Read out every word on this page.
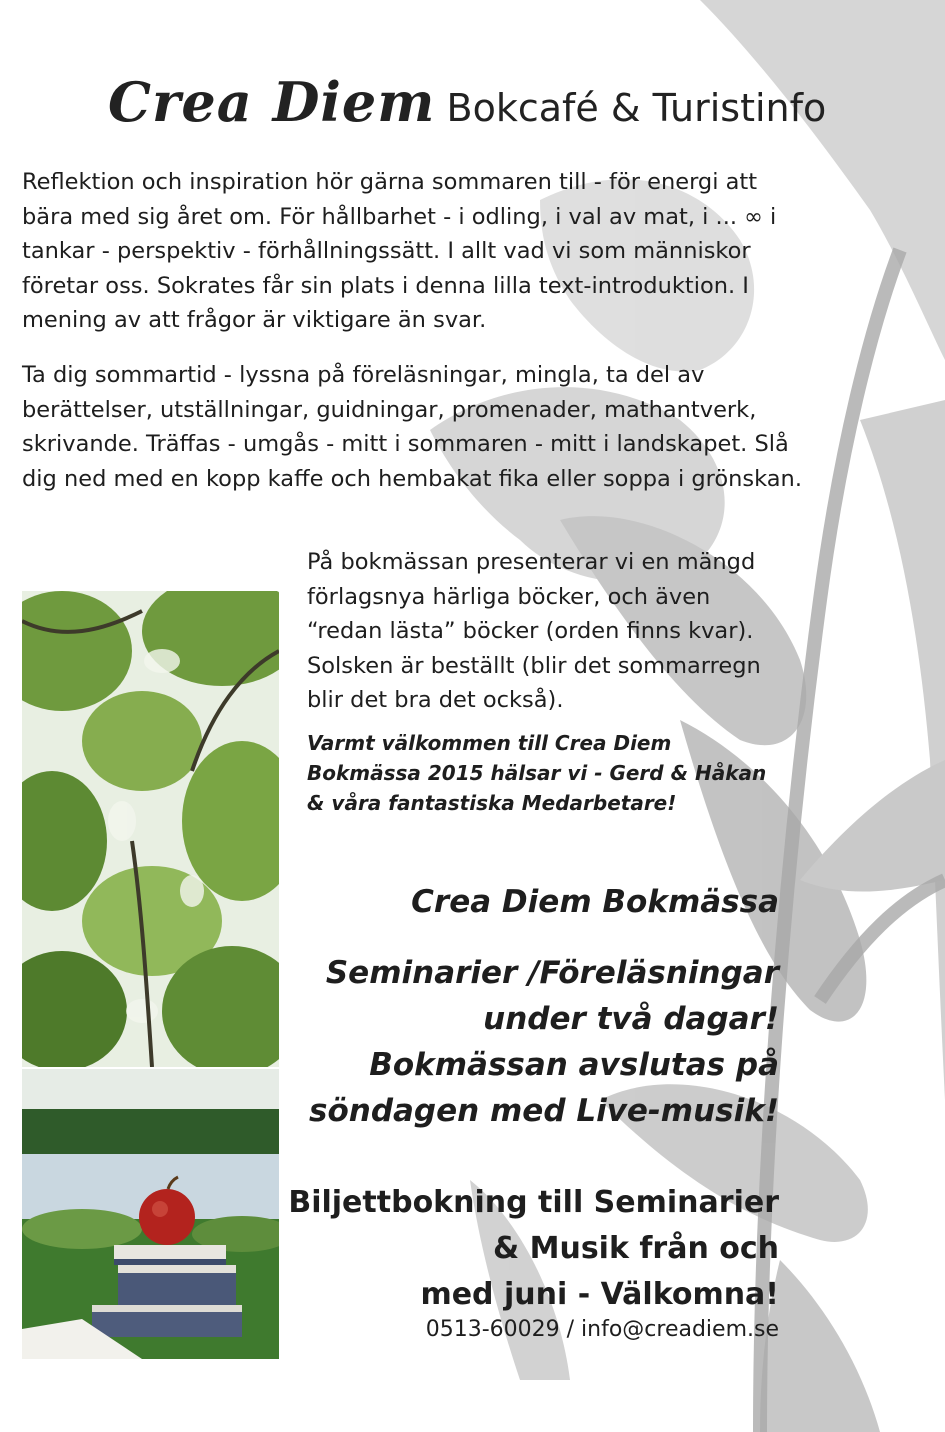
Crea Diem Bokcafé & Turistinfo

Reflektion och inspiration hör gärna sommaren till - för energi att bära med sig året om. För hållbarhet - i odling, i val av mat, i ... ∞ i tankar - perspektiv - förhållningssätt. I allt vad vi som människor företar oss. Sokrates får sin plats i denna lilla text-introduktion. I mening av att frågor är viktigare än svar.

Ta dig sommartid - lyssna på föreläsningar, mingla, ta del av berättelser, utställningar, guidningar, promenader, mathantverk, skrivande. Träffas - umgås - mitt i sommaren - mitt i landskapet. Slå dig ned med en kopp kaffe och hembakat fika eller soppa i grönskan.

På bokmässan presenterar vi en mängd förlagsnya härliga böcker, och även “redan lästa” böcker (orden finns kvar). Solsken är beställt (blir det sommarregn blir det bra det också).

Varmt välkommen till Crea Diem Bokmässa 2015 hälsar vi - Gerd & Håkan & våra fantastiska Medarbetare!

Crea Diem Bokmässa
Seminarier /Föreläsningar
under två dagar!
Bokmässan avslutas på
söndagen med Live-musik!
Biljettbokning till Seminarier
& Musik från och
med juni - Välkomna!
0513-60029 / info@creadiem.se
